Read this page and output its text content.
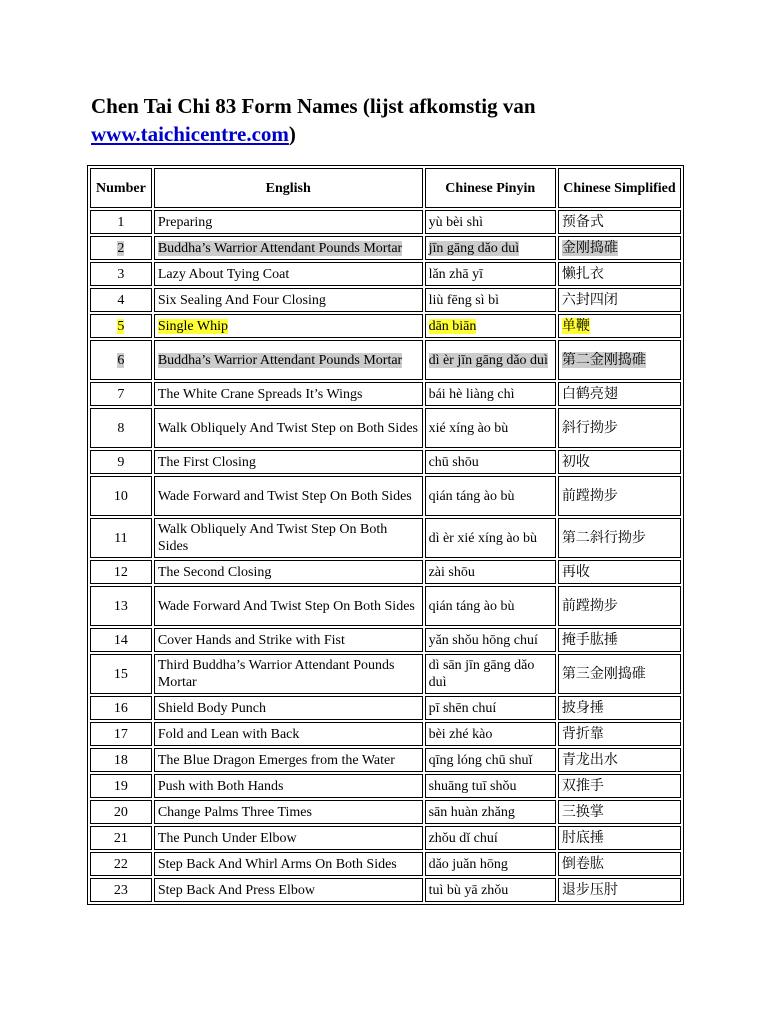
Chen Tai Chi 83 Form Names (lijst afkomstig van www.taichicentre.com)
Number	English	Chinese Pinyin	Chinese Simplified
1	Preparing	yù bèi shì	预备式
2	Buddha’s Warrior Attendant Pounds Mortar	jīn gāng dǎo duì	金刚捣碓
3	Lazy About Tying Coat	lǎn zhā yī	懒扎衣
4	Six Sealing And Four Closing	liù fēng sì bì	六封四闭
5	Single Whip	dān biān	单鞭
6	Buddha’s Warrior Attendant Pounds Mortar	dì èr jīn gāng dǎo duì	第二金刚捣碓
7	The White Crane Spreads It’s Wings	bái hè liàng chì	白鹤亮翅
8	Walk Obliquely And Twist Step on Both Sides	xié xíng ào bù	斜行拗步
9	The First Closing	chū shōu	初收
10	Wade Forward and Twist Step On Both Sides	qián táng ào bù	前蹚拗步
11	Walk Obliquely And Twist Step On Both Sides	dì èr xié xíng ào bù	第二斜行拗步
12	The Second Closing	zài shōu	再收
13	Wade Forward And Twist Step On Both Sides	qián táng ào bù	前蹚拗步
14	Cover Hands and Strike with Fist	yǎn shǒu hōng chuí	掩手肱捶
15	Third Buddha’s Warrior Attendant Pounds Mortar	dì sān jīn gāng dǎo duì	第三金刚捣碓
16	Shield Body Punch	pī shēn chuí	披身捶
17	Fold and Lean with Back	bèi zhé kào	背折靠
18	The Blue Dragon Emerges from the Water	qīng lóng chū shuǐ	青龙出水
19	Push with Both Hands	shuāng tuī shǒu	双推手
20	Change Palms Three Times	sān huàn zhǎng	三换掌
21	The Punch Under Elbow	zhǒu dǐ chuí	肘底捶
22	Step Back And Whirl Arms On Both Sides	dǎo juǎn hōng	倒卷肱
23	Step Back And Press Elbow	tuì bù yā zhǒu	退步压肘
